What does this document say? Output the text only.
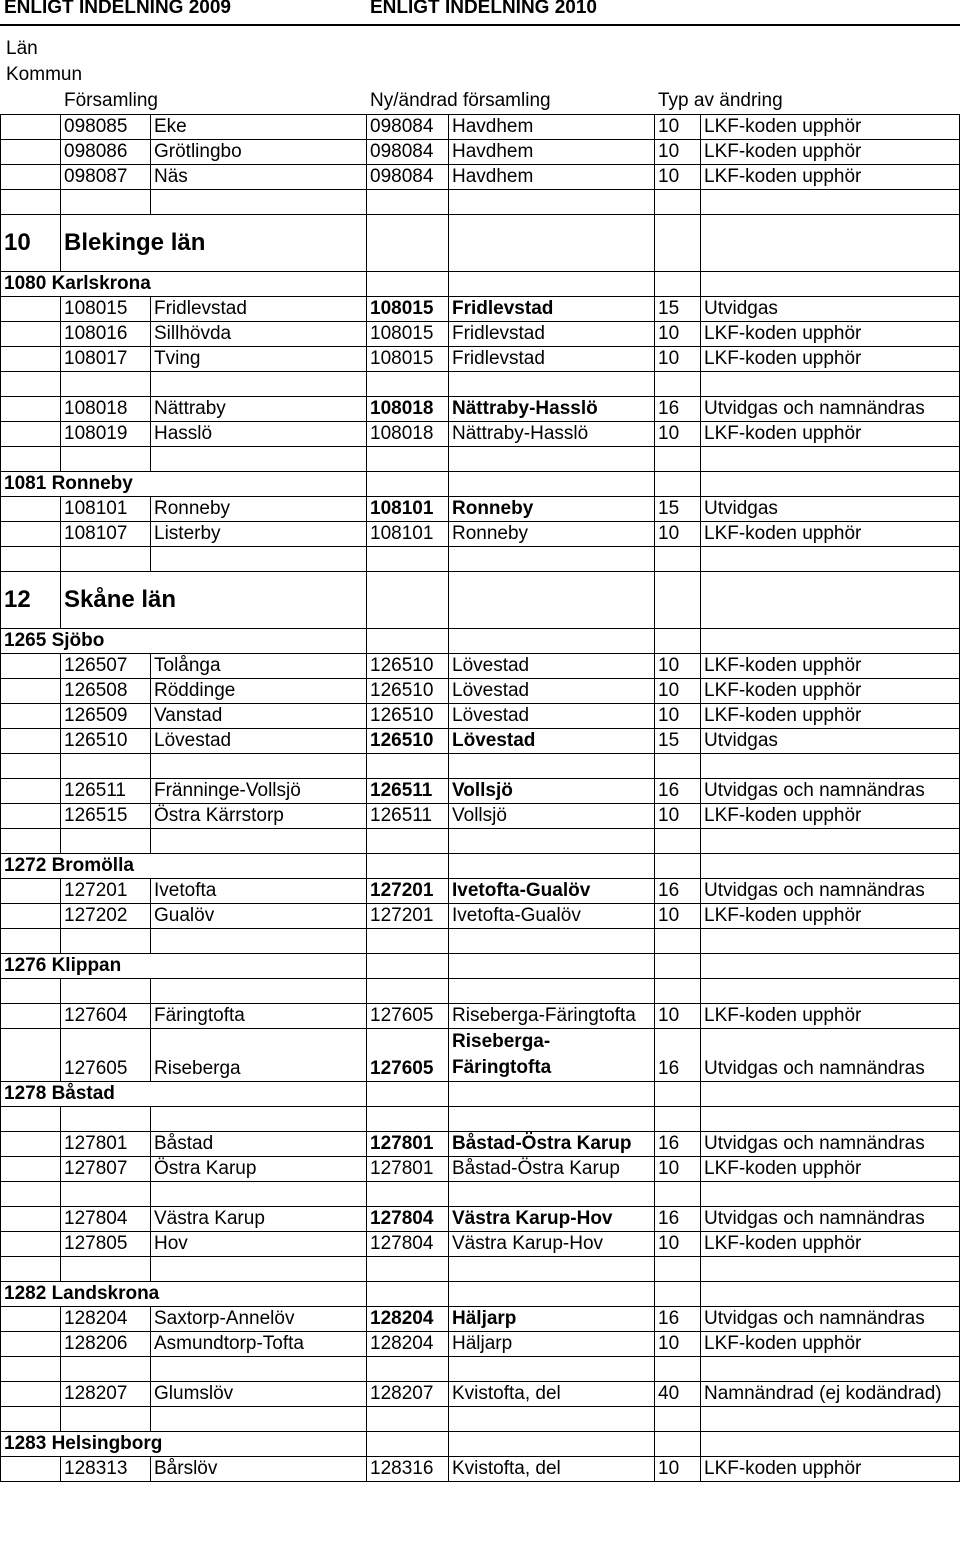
ENLIGT INDELNING 2009	ENLIGT INDELNING 2010
Län
Kommun
Församling	Ny/ändrad församling	Typ av ändring
	098085	Eke	098084	Havdhem	10	LKF-koden upphör
	098086	Grötlingbo	098084	Havdhem	10	LKF-koden upphör
	098087	Näs	098084	Havdhem	10	LKF-koden upphör

10	Blekinge län					
1080 Karlskrona						
	108015	Fridlevstad	108015	Fridlevstad	15	Utvidgas
	108016	Sillhövda	108015	Fridlevstad	10	LKF-koden upphör
	108017	Tving	108015	Fridlevstad	10	LKF-koden upphör

	108018	Nättraby	108018	Nättraby-Hasslö	16	Utvidgas och namnändras
	108019	Hasslö	108018	Nättraby-Hasslö	10	LKF-koden upphör

1081 Ronneby						
	108101	Ronneby	108101	Ronneby	15	Utvidgas
	108107	Listerby	108101	Ronneby	10	LKF-koden upphör

12	Skåne län					
1265 Sjöbo						
	126507	Tolånga	126510	Lövestad	10	LKF-koden upphör
	126508	Röddinge	126510	Lövestad	10	LKF-koden upphör
	126509	Vanstad	126510	Lövestad	10	LKF-koden upphör
	126510	Lövestad	126510	Lövestad	15	Utvidgas

	126511	Fränninge-Vollsjö	126511	Vollsjö	16	Utvidgas och namnändras
	126515	Östra Kärrstorp	126511	Vollsjö	10	LKF-koden upphör

1272 Bromölla						
	127201	Ivetofta	127201	Ivetofta-Gualöv	16	Utvidgas och namnändras
	127202	Gualöv	127201	Ivetofta-Gualöv	10	LKF-koden upphör

1276 Klippan						

	127604	Färingtofta	127605	Riseberga-Färingtofta	10	LKF-koden upphör
	127605	Riseberga	127605	Riseberga-
Färingtofta	16	Utvidgas och namnändras
1278 Båstad						

	127801	Båstad	127801	Båstad-Östra Karup	16	Utvidgas och namnändras
	127807	Östra Karup	127801	Båstad-Östra Karup	10	LKF-koden upphör

	127804	Västra Karup	127804	Västra Karup-Hov	16	Utvidgas och namnändras
	127805	Hov	127804	Västra Karup-Hov	10	LKF-koden upphör

1282 Landskrona						
	128204	Saxtorp-Annelöv	128204	Häljarp	16	Utvidgas och namnändras
	128206	Asmundtorp-Tofta	128204	Häljarp	10	LKF-koden upphör

	128207	Glumslöv	128207	Kvistofta, del	40	Namnändrad (ej kodändrad)

1283 Helsingborg						
	128313	Bårslöv	128316	Kvistofta, del	10	LKF-koden upphör
